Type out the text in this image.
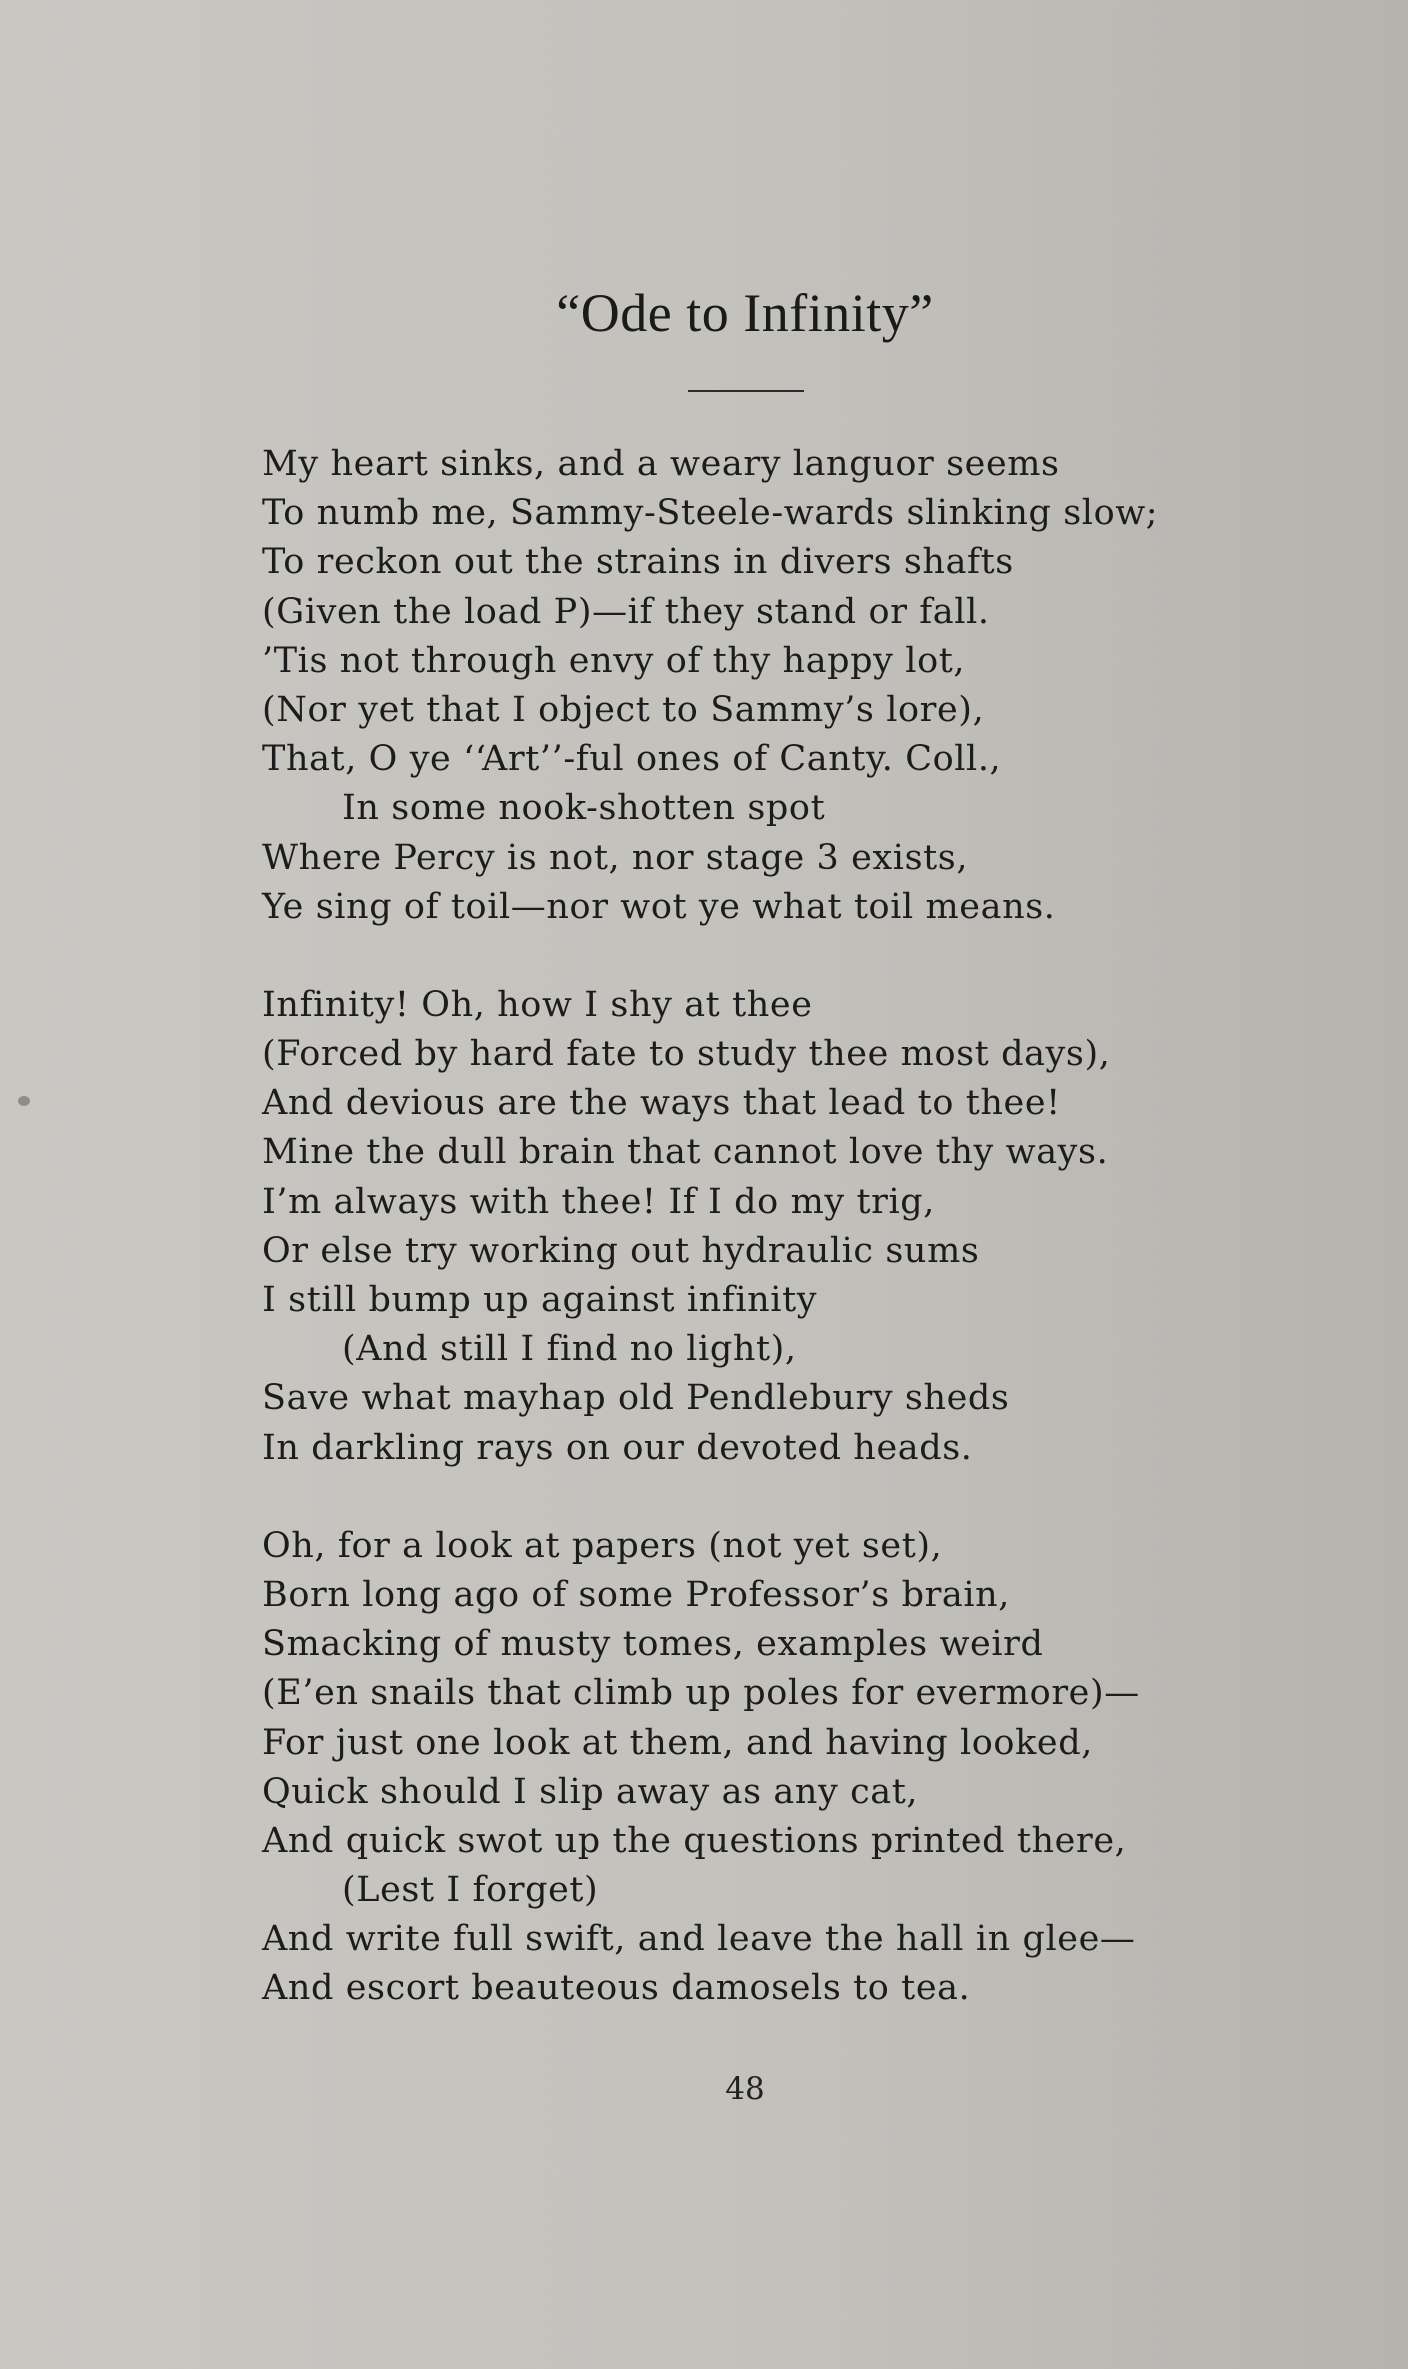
“Ode to Infinity”
My heart sinks, and a weary languor seems
To numb me, Sammy-Steele-wards slinking slow;
To reckon out the strains in divers shafts
(Given the load P)—if they stand or fall.
’Tis not through envy of thy happy lot,
(Nor yet that I object to Sammy’s lore),
That, O ye ‘‘Art’’-ful ones of Canty. Coll.,
In some nook-shotten spot
Where Percy is not, nor stage 3 exists,
Ye sing of toil—nor wot ye what toil means.
Infinity! Oh, how I shy at thee
(Forced by hard fate to study thee most days),
And devious are the ways that lead to thee!
Mine the dull brain that cannot love thy ways.
I’m always with thee! If I do my trig,
Or else try working out hydraulic sums
I still bump up against infinity
(And still I find no light),
Save what mayhap old Pendlebury sheds
In darkling rays on our devoted heads.
Oh, for a look at papers (not yet set),
Born long ago of some Professor’s brain,
Smacking of musty tomes, examples weird
(E’en snails that climb up poles for evermore)—
For just one look at them, and having looked,
Quick should I slip away as any cat,
And quick swot up the questions printed there,
(Lest I forget)
And write full swift, and leave the hall in glee—
And escort beauteous damosels to tea.
48
